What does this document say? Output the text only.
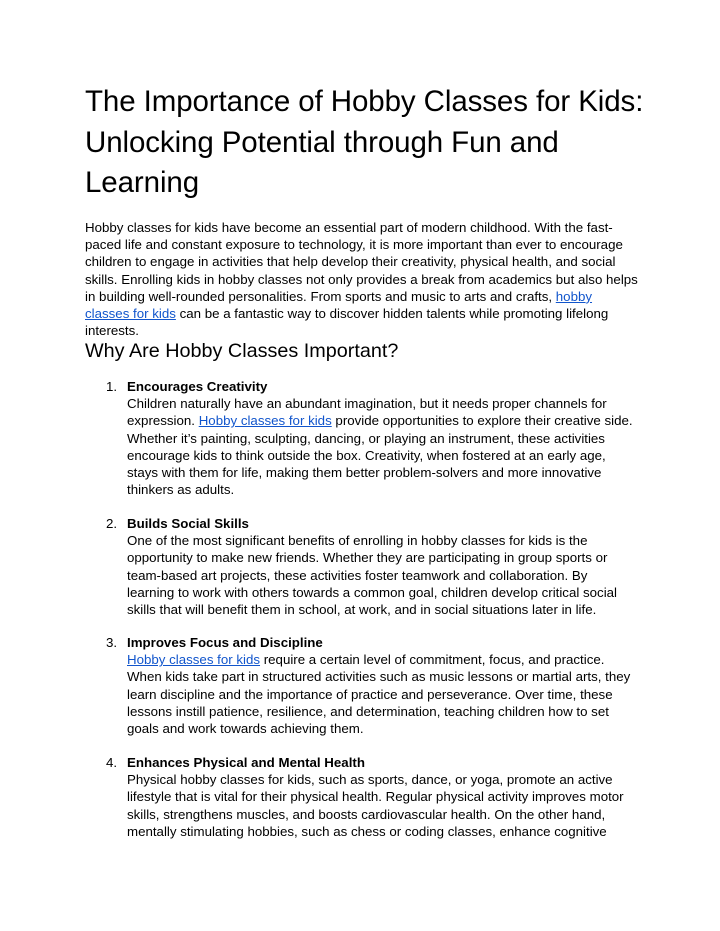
The Importance of Hobby Classes for Kids: Unlocking Potential through Fun and Learning

Hobby classes for kids have become an essential part of modern childhood. With the fast-paced life and constant exposure to technology, it is more important than ever to encourage children to engage in activities that help develop their creativity, physical health, and social skills. Enrolling kids in hobby classes not only provides a break from academics but also helps in building well-rounded personalities. From sports and music to arts and crafts, hobby classes for kids can be a fantastic way to discover hidden talents while promoting lifelong interests.

Why Are Hobby Classes Important?
1. Encourages Creativity
Children naturally have an abundant imagination, but it needs proper channels for expression. Hobby classes for kids provide opportunities to explore their creative side. Whether it’s painting, sculpting, dancing, or playing an instrument, these activities encourage kids to think outside the box. Creativity, when fostered at an early age, stays with them for life, making them better problem-solvers and more innovative thinkers as adults.
2. Builds Social Skills
One of the most significant benefits of enrolling in hobby classes for kids is the opportunity to make new friends. Whether they are participating in group sports or team-based art projects, these activities foster teamwork and collaboration. By learning to work with others towards a common goal, children develop critical social skills that will benefit them in school, at work, and in social situations later in life.
3. Improves Focus and Discipline
Hobby classes for kids require a certain level of commitment, focus, and practice. When kids take part in structured activities such as music lessons or martial arts, they learn discipline and the importance of practice and perseverance. Over time, these lessons instill patience, resilience, and determination, teaching children how to set goals and work towards achieving them.
4. Enhances Physical and Mental Health
Physical hobby classes for kids, such as sports, dance, or yoga, promote an active lifestyle that is vital for their physical health. Regular physical activity improves motor skills, strengthens muscles, and boosts cardiovascular health. On the other hand, mentally stimulating hobbies, such as chess or coding classes, enhance cognitive
